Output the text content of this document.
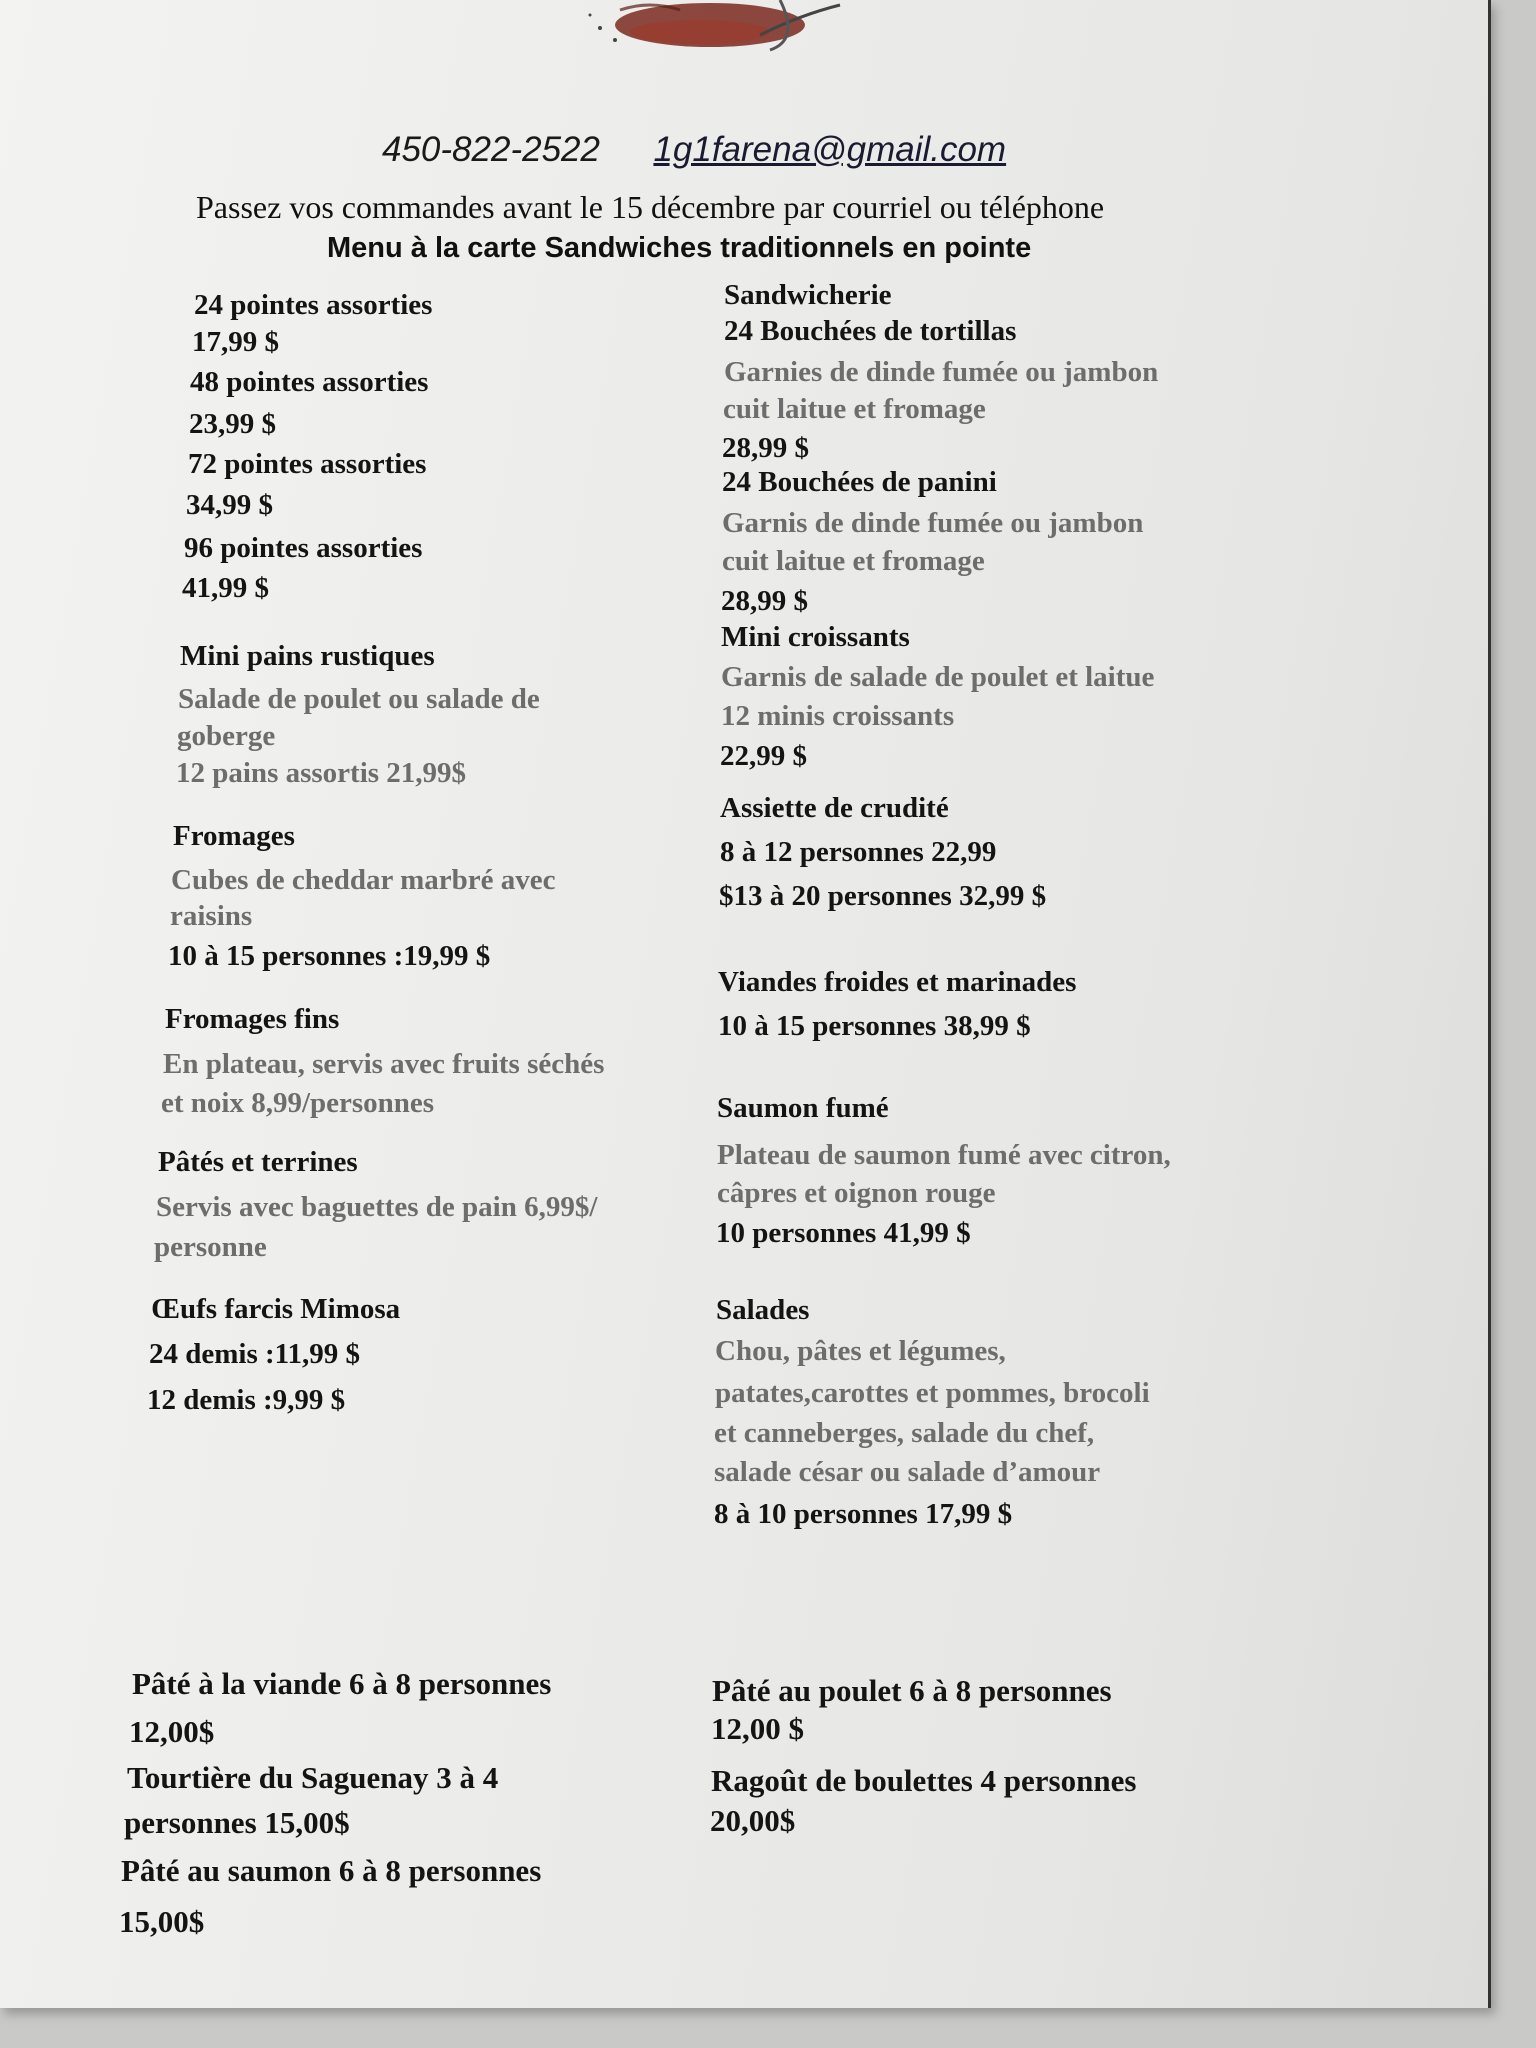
450-822-2522 1g1farena@gmail.com
Passez vos commandes avant le 15 décembre par courriel ou téléphone
Menu à la carte Sandwiches traditionnels en pointe
24 pointes assorties
17,99 $
48 pointes assorties
23,99 $
72 pointes assorties
34,99 $
96 pointes assorties
41,99 $
Mini pains rustiques
Salade de poulet ou salade de
goberge
12 pains assortis 21,99$
Fromages
Cubes de cheddar marbré avec
raisins
10 à 15 personnes :19,99 $
Fromages fins
En plateau, servis avec fruits séchés
et noix 8,99/personnes
Pâtés et terrines
Servis avec baguettes de pain 6,99$/
personne
Œufs farcis Mimosa
24 demis :11,99 $
12 demis :9,99 $
Sandwicherie
24 Bouchées de tortillas
Garnies de dinde fumée ou jambon
cuit laitue et fromage
28,99 $
24 Bouchées de panini
Garnis de dinde fumée ou jambon
cuit laitue et fromage
28,99 $
Mini croissants
Garnis de salade de poulet et laitue
12 minis croissants
22,99 $
Assiette de crudité
8 à 12 personnes 22,99
$13 à 20 personnes 32,99 $
Viandes froides et marinades
10 à 15 personnes 38,99 $
Saumon fumé
Plateau de saumon fumé avec citron,
câpres et oignon rouge
10 personnes 41,99 $
Salades
Chou, pâtes et légumes,
patates,carottes et pommes, brocoli
et canneberges, salade du chef,
salade césar ou salade d’amour
8 à 10 personnes 17,99 $
Pâté à la viande 6 à 8 personnes
12,00$
Tourtière du Saguenay 3 à 4
personnes 15,00$
Pâté au saumon 6 à 8 personnes
15,00$
Pâté au poulet 6 à 8 personnes
12,00 $
Ragoût de boulettes 4 personnes
20,00$
